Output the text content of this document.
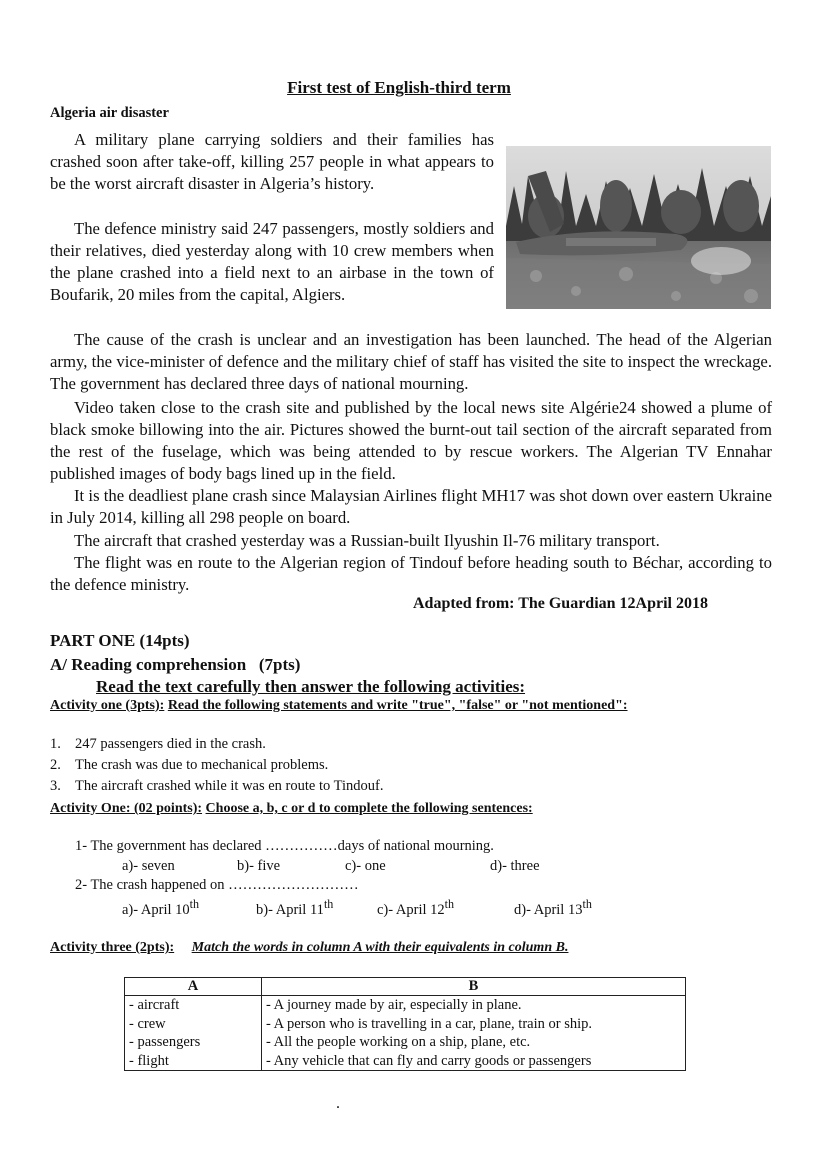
First test of English-third term
Algeria air disaster
A military plane carrying soldiers and their families has crashed soon after take-off, killing 257 people in what appears to be the worst aircraft disaster in Algeria’s history.
The defence ministry said 247 passengers, mostly soldiers and their relatives, died yesterday along with 10 crew members when the plane crashed into a field next to an airbase in the town of Boufarik, 20 miles from the capital, Algiers.
The cause of the crash is unclear and an investigation has been launched. The head of the Algerian army, the vice-minister of defence and the military chief of staff has visited the site to inspect the wreckage. The government has declared three days of national mourning.
Video taken close to the crash site and published by the local news site Algérie24 showed a plume of black smoke billowing into the air. Pictures showed the burnt-out tail section of the aircraft separated from the rest of the fuselage, which was being attended to by rescue workers. The Algerian TV Ennahar published images of body bags lined up in the field.
It is the deadliest plane crash since Malaysian Airlines flight MH17 was shot down over eastern Ukraine in July 2014, killing all 298 people on board.
The aircraft that crashed yesterday was a Russian-built Ilyushin Il-76 military transport.
The flight was en route to the Algerian region of Tindouf before heading south to Béchar, according to the defence ministry.
Adapted from: The Guardian 12April 2018
PART ONE (14pts)
A/ Reading comprehension   (7pts)
Read the text carefully then answer the following activities:
Activity one (3pts): Read the following statements and write "true", "false" or "not mentioned":
1. 247 passengers died in the crash.
2. The crash was due to mechanical problems.
3. The aircraft crashed while it was en route to Tindouf.
Activity One: (02 points): Choose a, b, c or d to complete the following sentences:
1- The government has declared ……………days of national mourning.
a)- seven	b)- five	c)- one	d)- three
2- The crash happened on ………………………
a)- April 10th	b)- April 11th	c)- April 12th	d)- April 13th
Activity three (2pts): Match the words in column A with their equivalents in column B.
A	B
- aircraft	- A journey made by air, especially in plane.
- crew	- A person who is travelling in a car, plane, train or ship.
- passengers	- All the people working on a ship, plane, etc.
- flight	- Any vehicle that can fly and carry goods or passengers
.
